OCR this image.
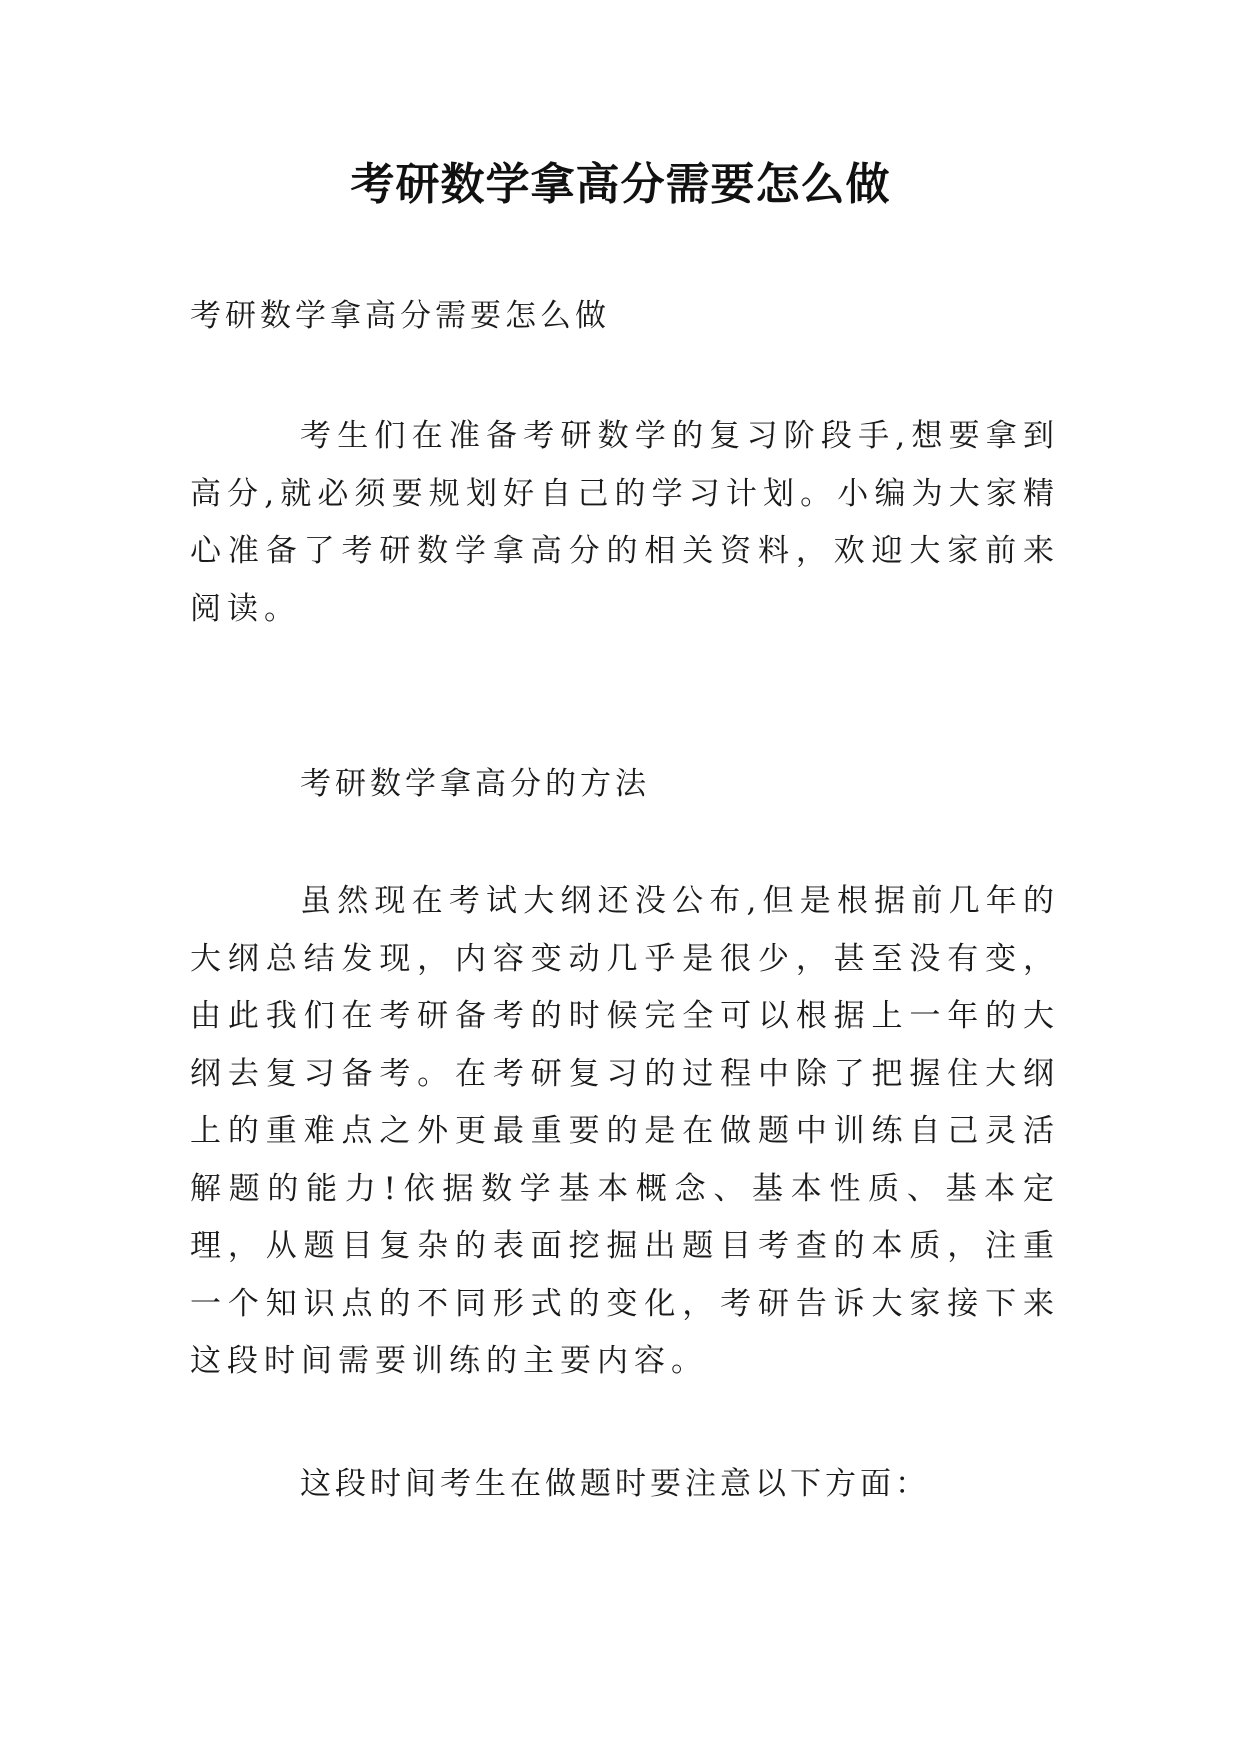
考研数学拿高分需要怎么做
考研数学拿高分需要怎么做
考生们在准备考研数学的复习阶段手,想要拿到高分,就必须要规划好自己的学习计划。小编为大家精心准备了考研数学拿高分的相关资料，欢迎大家前来阅读。
考研数学拿高分的方法
虽然现在考试大纲还没公布,但是根据前几年的大纲总结发现，内容变动几乎是很少，甚至没有变，由此我们在考研备考的时候完全可以根据上一年的大纲去复习备考。在考研复习的过程中除了把握住大纲上的重难点之外更最重要的是在做题中训练自己灵活解题的能力!依据数学基本概念、基本性质、基本定理，从题目复杂的表面挖掘出题目考查的本质，注重一个知识点的不同形式的变化，考研告诉大家接下来这段时间需要训练的主要内容。
这段时间考生在做题时要注意以下方面：
